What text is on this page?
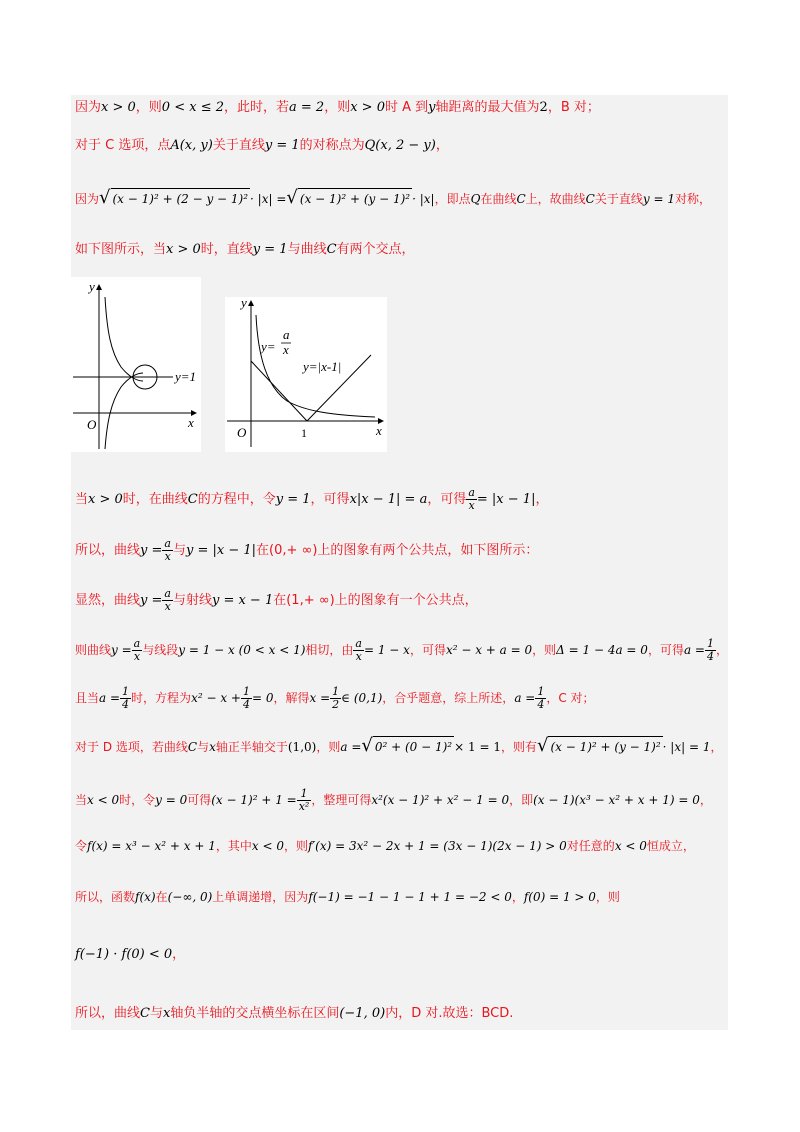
因为x > 0，则0 < x ≤ 2，此时，若a = 2，则x > 0时 A 到y轴距离的最大值为2，B 对；
对于 C 选项，点A(x, y)关于直线y = 1的对称点为Q(x, 2 − y)，
因为√ (x − 1)² + (2 − y − 1)² · |x| =√ (x − 1)² + (y − 1)² · |x|，即点Q在曲线C上，故曲线C关于直线y = 1对称，
如下图所示，当x > 0时，直线y = 1与曲线C有两个交点，
y
x
O
y=1
y
x
O	1
y=
a
x
y=|x-1|
当x > 0时，在曲线C的方程中，令y = 1，可得x|x − 1| = a，可得 $\frac{a}{x} = |x - 1|$，
所以，曲线$y = \frac{a}{x}$ 与y = |x − 1|在(0,+ ∞)上的图象有两个公共点，如下图所示：
显然，曲线$y = \frac{a}{x}$ 与射线y = x − 1在(1,+ ∞)上的图象有一个公共点，
则曲线$y = \frac{a}{x}$ 与线段y = 1 − x (0 < x < 1)相切，由 $\frac{a}{x} = 1 - x$，可得x² − x + a = 0，则Δ = 1 − 4a = 0，可得$a = \frac{1}{4}$ ，
且当$a = \frac{1}{4}$ 时，方程为$x^2 - x + \frac{1}{4} = 0$，解得$x = \frac{1}{2}$ ∈ (0,1)，合乎题意，综上所述，$a = \frac{1}{4}$ ，C 对；
对于 D 选项，若曲线C与x轴正半轴交于(1,0)，则a =√ 0² + (0 − 1)² × 1 = 1，则有√ (x − 1)² + (y − 1)² · |x| = 1，
当x < 0时，令y = 0可得$(x - 1)^2 + 1 = \frac{1}{\text{x²}}$ ，整理可得x²(x − 1)² + x² − 1 = 0，即(x − 1)(x³ − x² + x + 1) = 0，
令f(x) = x³ − x² + x + 1，其中x < 0，则f′(x) = 3x² − 2x + 1 = (3x − 1)(2x − 1) > 0对任意的x < 0恒成立，
所以，函数f(x)在(−∞, 0)上单调递增，因为f(−1) = −1 − 1 − 1 + 1 = −2 < 0，f(0) = 1 > 0，则
f(−1) · f(0) < 0，
所以，曲线C与x轴负半轴的交点横坐标在区间(−1, 0)内，D 对.故选：BCD.
